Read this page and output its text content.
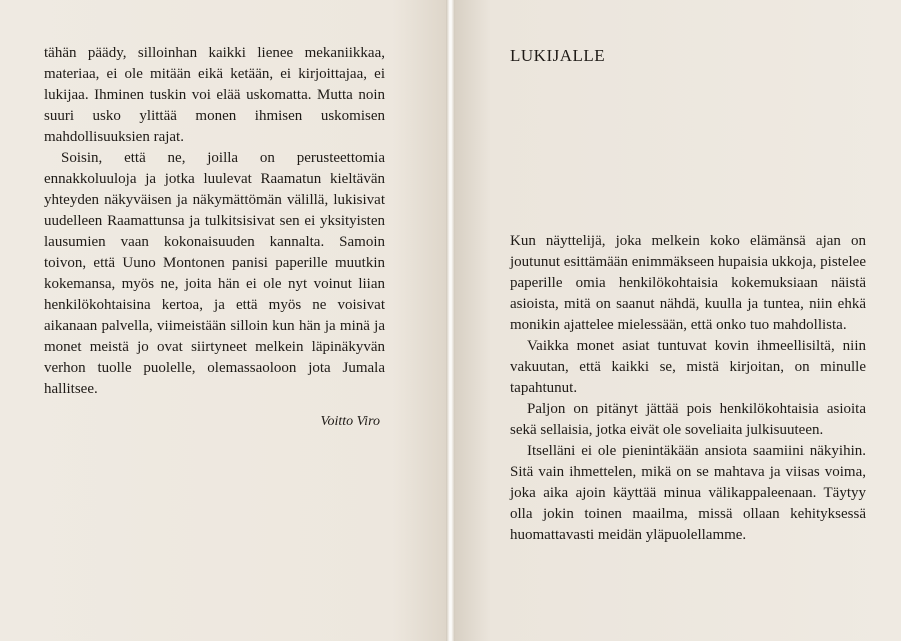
tähän päädy, silloinhan kaikki lienee mekaniikkaa, materiaa, ei ole mitään eikä ketään, ei kirjoittajaa, ei lukijaa. Ihminen tuskin voi elää uskomatta. Mutta noin suuri usko ylittää monen ihmisen uskomisen mahdollisuuksien rajat.

Soisin, että ne, joilla on perusteettomia ennakkoluuloja ja jotka luulevat Raamatun kieltävän yhteyden näkyväisen ja näkymättömän välillä, lukisivat uudelleen Raamattunsa ja tulkitsisivat sen ei yksityisten lausumien vaan kokonaisuuden kannalta. Samoin toivon, että Uuno Montonen panisi paperille muutkin kokemansa, myös ne, joita hän ei ole nyt voinut liian henkilökohtaisina kertoa, ja että myös ne voisivat aikanaan palvella, viimeistään silloin kun hän ja minä ja monet meistä jo ovat siirtyneet melkein läpinäkyvän verhon tuolle puolelle, olemassaoloon jota Jumala hallitsee.

Voitto Viro
LUKIJALLE

Kun näyttelijä, joka melkein koko elämänsä ajan on joutunut esittämään enimmäkseen hupaisia ukkoja, pistelee paperille omia henkilökohtaisia kokemuksiaan näistä asioista, mitä on saanut nähdä, kuulla ja tuntea, niin ehkä monikin ajattelee mielessään, että onko tuo mahdollista.

Vaikka monet asiat tuntuvat kovin ihmeellisiltä, niin vakuutan, että kaikki se, mistä kirjoitan, on minulle tapahtunut.

Paljon on pitänyt jättää pois henkilökohtaisia asioita sekä sellaisia, jotka eivät ole soveliaita julkisuuteen.

Itselläni ei ole pienintäkään ansiota saamiini näkyihin. Sitä vain ihmettelen, mikä on se mahtava ja viisas voima, joka aika ajoin käyttää minua välikappaleenaan. Täytyy olla jokin toinen maailma, missä ollaan kehityksessä huomattavasti meidän yläpuolellamme.
